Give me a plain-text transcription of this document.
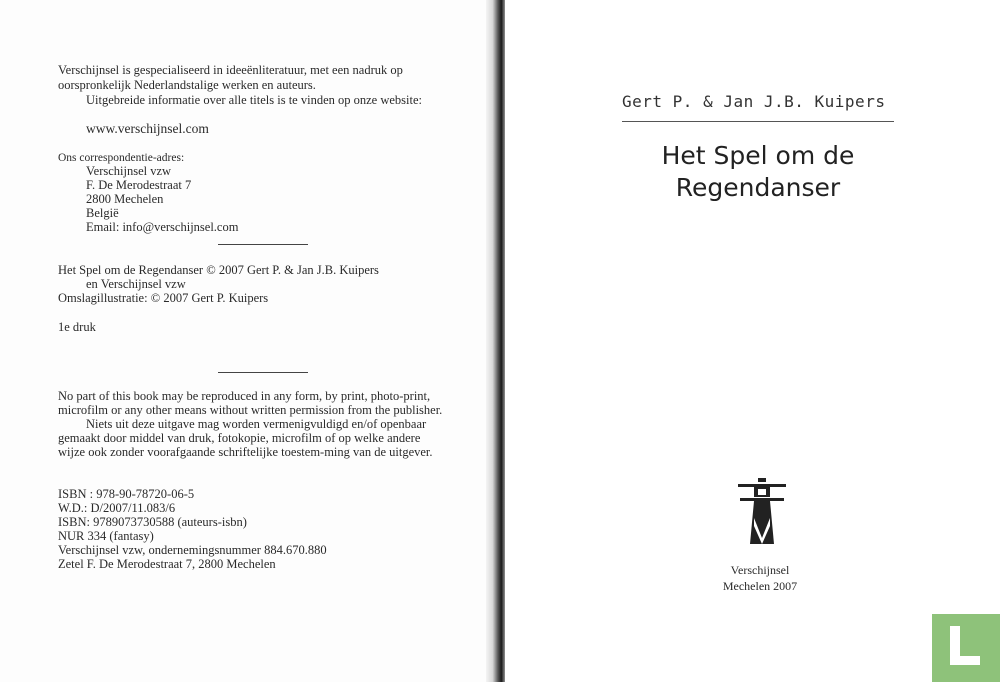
Verschijnsel is gespecialiseerd in ideeënliteratuur, met een nadruk op
oorspronkelijk Nederlandstalige werken en auteurs.
Uitgebreide informatie over alle titels is te vinden op onze website:
www.verschijnsel.com
Ons correspondentie-adres:
Verschijnsel vzw
F. De Merodestraat 7
2800 Mechelen
België
Email: info@verschijnsel.com
Het Spel om de Regendanser © 2007 Gert P. & Jan J.B. Kuipers
en Verschijnsel vzw
Omslagillustratie: © 2007 Gert P. Kuipers
1e druk
No part of this book may be reproduced in any form, by print, photo-print,
microfilm or any other means without written permission from the publisher.
Niets uit deze uitgave mag worden vermenigvuldigd en/of openbaar
gemaakt door middel van druk, fotokopie, microfilm of op welke andere
wijze ook zonder voorafgaande schriftelijke toestem-ming van de uitgever.
ISBN : 978-90-78720-06-5
W.D.: D/2007/11.083/6
ISBN: 9789073730588 (auteurs-isbn)
NUR 334 (fantasy)
Verschijnsel vzw, ondernemingsnummer 884.670.880
Zetel F. De Merodestraat 7, 2800 Mechelen
Gert P. & Jan J.B. Kuipers
Het Spel om de
Regendanser
Verschijnsel
Mechelen 2007
